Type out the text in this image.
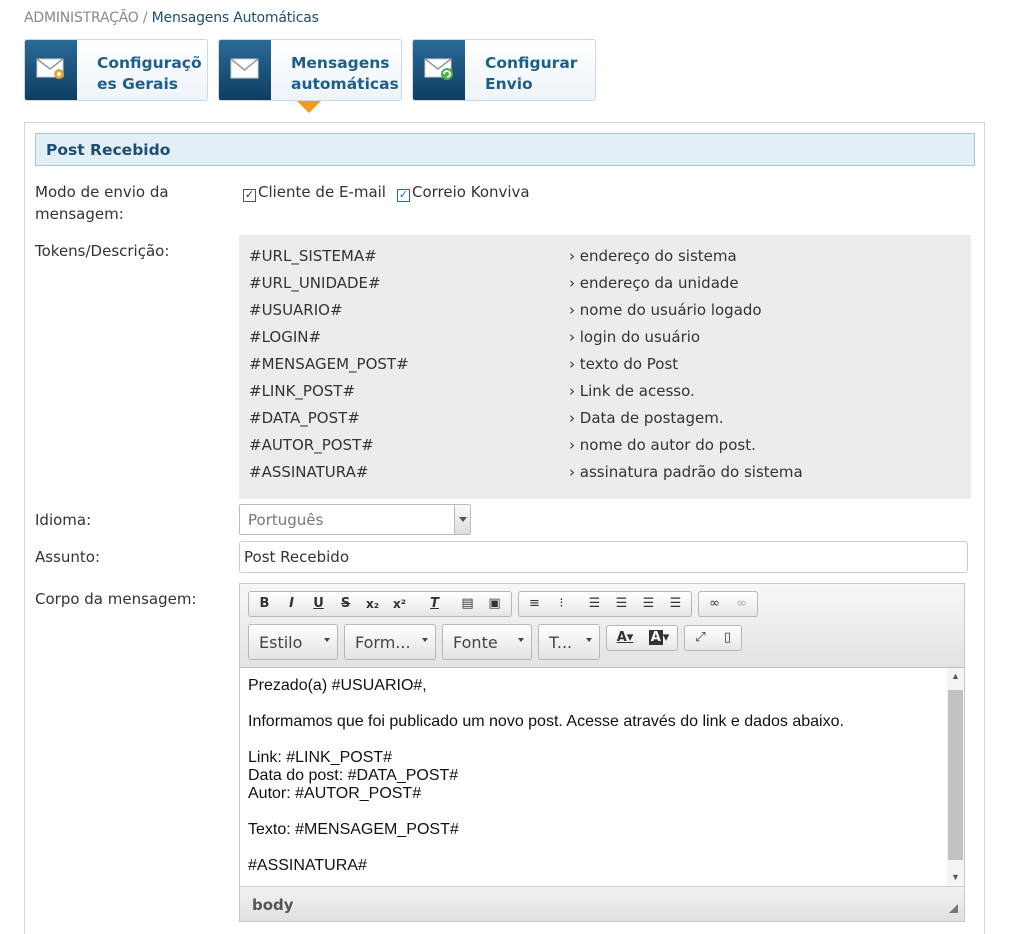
ADMINISTRAÇÃO / Mensagens Automáticas
Configuraçõ
es Gerais
Mensagens
automáticas
Configurar
Envio
Post Recebido
Modo de envio da
mensagem:
✓ Cliente de E-mail ✓ Correio Konviva
Tokens/Descrição:	#URL_SISTEMA#	› endereço do sistema
#URL_UNIDADE#	› endereço da unidade
#USUARIO#	› nome do usuário logado
#LOGIN#	› login do usuário
#MENSAGEM_POST#	› texto do Post
#LINK_POST#	› Link de acesso.
#DATA_POST#	› Data de postagem.
#AUTOR_POST#	› nome do autor do post.
#ASSINATURA#	› assinatura padrão do sistema
Idioma:	Português
Assunto:	Post Recebido
Corpo da mensagem:	B	I	U	S	x₂	x²	T	▤	▣	≡	⁝	☰	☰	☰	☰	∞	∞
Estilo	Form...	Fonte	T...	A▾	A ▾	⤢	▯

Prezado(a) #USUARIO#,

Informamos que foi publicado um novo post. Acesse através do link e dados abaixo.

Link: #LINK_POST#

Data do post: #DATA_POST#

Autor: #AUTOR_POST#

Texto: #MENSAGEM_POST#

#ASSINATURA#

▲
▼
body
